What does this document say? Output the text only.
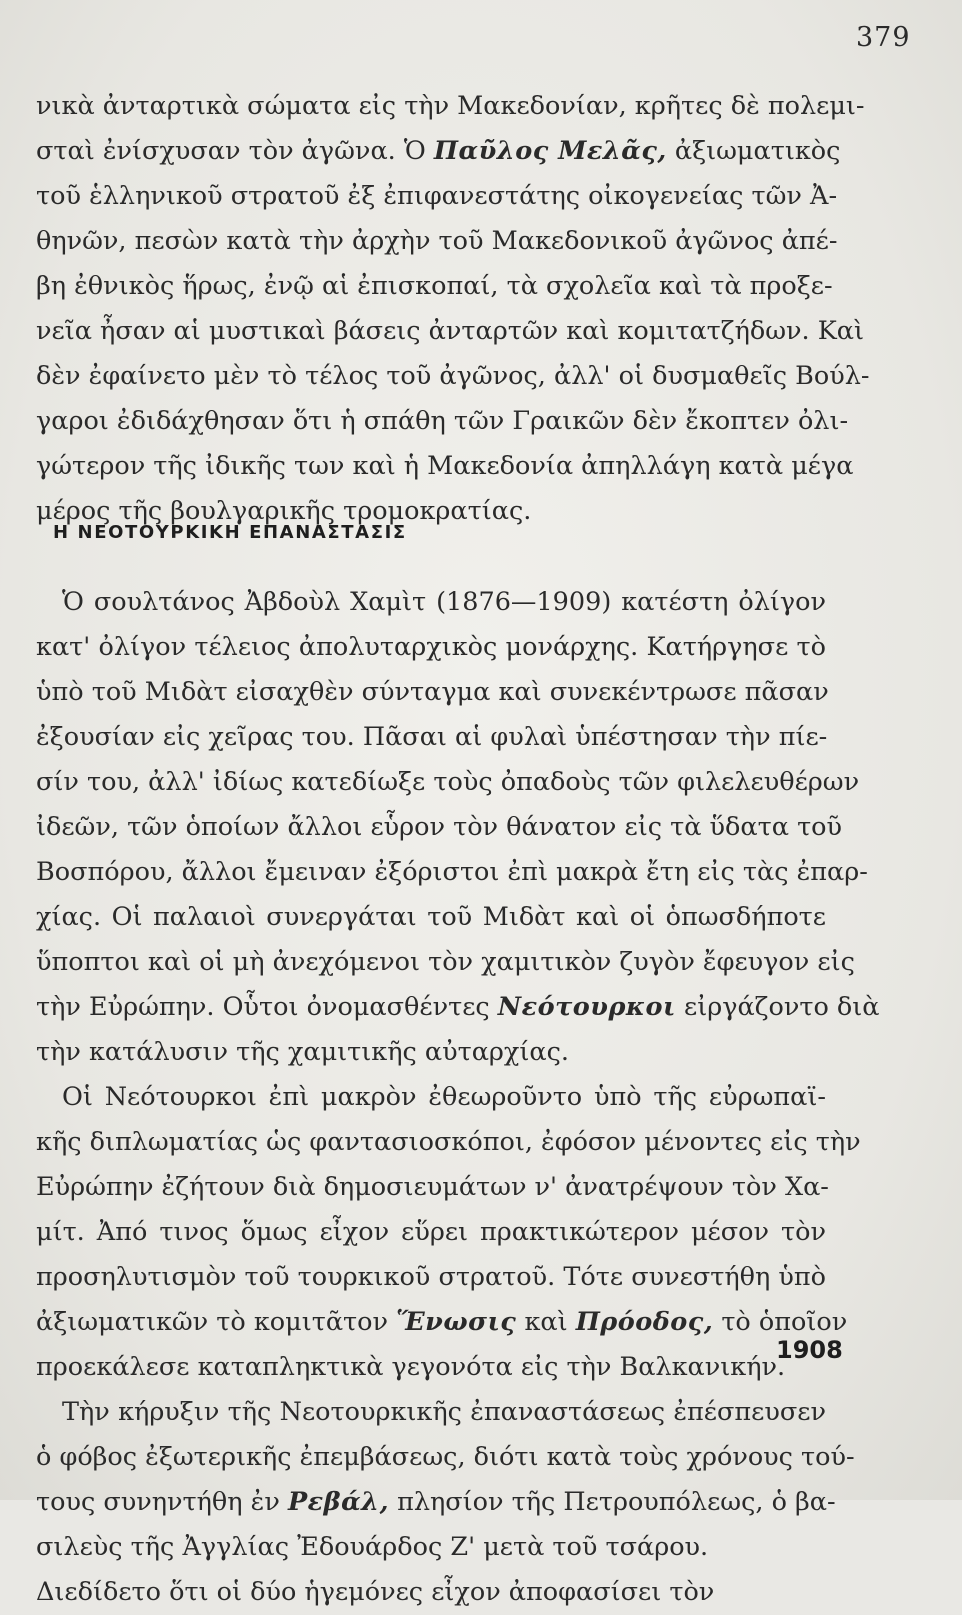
379
νικὰ ἀνταρτικὰ σώματα εἰς τὴν Μακεδονίαν, κρῆτες δὲ πολεμι-
σταὶ ἐνίσχυσαν τὸν ἀγῶνα. Ὁ Παῦλος Μελᾶς, ἀξιωματικὸς
τοῦ ἑλληνικοῦ στρατοῦ ἐξ ἐπιφανεστάτης οἰκογενείας τῶν Ἀ-
θηνῶν, πεσὼν κατὰ τὴν ἀρχὴν τοῦ Μακεδονικοῦ ἀγῶνος ἀπέ-
βη ἐθνικὸς ἥρως, ἐνῷ αἱ ἐπισκοπαί, τὰ σχολεῖα καὶ τὰ προξε-
νεῖα ἦσαν αἱ μυστικαὶ βάσεις ἀνταρτῶν καὶ κομιτατζήδων. Καὶ
δὲν ἐφαίνετο μὲν τὸ τέλος τοῦ ἀγῶνος, ἀλλ' οἱ δυσμαθεῖς Βούλ-
γαροι ἐδιδάχθησαν ὅτι ἡ σπάθη τῶν Γραικῶν δὲν ἔκοπτεν ὀλι-
γώτερον τῆς ἰδικῆς των καὶ ἡ Μακεδονία ἀπηλλάγη κατὰ μέγα
μέρος τῆς βουλγαρικῆς τρομοκρατίας.
Η ΝΕΟΤΟΥΡΚΙΚΗ ΕΠΑΝΑΣΤΑΣΙΣ
Ὁ σουλτάνος Ἀβδοὺλ Χαμὶτ (1876—1909) κατέστη ὀλίγον
κατ' ὀλίγον τέλειος ἀπολυταρχικὸς μονάρχης. Κατήργησε τὸ
ὑπὸ τοῦ Μιδὰτ εἰσαχθὲν σύνταγμα καὶ συνεκέντρωσε πᾶσαν
ἐξουσίαν εἰς χεῖρας του. Πᾶσαι αἱ φυλαὶ ὑπέστησαν τὴν πίε-
σίν του, ἀλλ' ἰδίως κατεδίωξε τοὺς ὀπαδοὺς τῶν φιλελευθέρων
ἰδεῶν, τῶν ὁποίων ἄλλοι εὗρον τὸν θάνατον εἰς τὰ ὕδατα τοῦ
Βοσπόρου, ἄλλοι ἔμειναν ἐξόριστοι ἐπὶ μακρὰ ἔτη εἰς τὰς ἐπαρ-
χίας. Οἱ παλαιοὶ συνεργάται τοῦ Μιδὰτ καὶ οἱ ὁπωσδήποτε
ὕποπτοι καὶ οἱ μὴ ἀνεχόμενοι τὸν χαμιτικὸν ζυγὸν ἔφευγον εἰς
τὴν Εὐρώπην. Οὗτοι ὀνομασθέντες Νεότουρκοι εἰργάζοντο διὰ
τὴν κατάλυσιν τῆς χαμιτικῆς αὐταρχίας.
Οἱ Νεότουρκοι ἐπὶ μακρὸν ἐθεωροῦντο ὑπὸ τῆς εὐρωπαϊ-
κῆς διπλωματίας ὡς φαντασιοσκόποι, ἐφόσον μένοντες εἰς τὴν
Εὐρώπην ἐζήτουν διὰ δημοσιευμάτων ν' ἀνατρέψουν τὸν Χα-
μίτ. Ἀπό τινος ὅμως εἶχον εὕρει πρακτικώτερον μέσον τὸν
προσηλυτισμὸν τοῦ τουρκικοῦ στρατοῦ. Τότε συνεστήθη ὑπὸ
ἀξιωματικῶν τὸ κομιτᾶτον Ἕνωσις καὶ Πρόοδος, τὸ ὁποῖον
προεκάλεσε καταπληκτικὰ γεγονότα εἰς τὴν Βαλκανικήν.
Τὴν κήρυξιν τῆς Νεοτουρκικῆς ἐπαναστάσεως ἐπέσπευσεν
ὁ φόβος ἐξωτερικῆς ἐπεμβάσεως, διότι κατὰ τοὺς χρόνους τού-
τους συνηντήθη ἐν Ρεβάλ, πλησίον τῆς Πετρουπόλεως, ὁ βα-
σιλεὺς τῆς Ἀγγλίας Ἐδουάρδος Ζ' μετὰ τοῦ τσάρου.
Διεδίδετο ὅτι οἱ δύο ἡγεμόνες εἶχον ἀποφασίσει τὸν
1908
